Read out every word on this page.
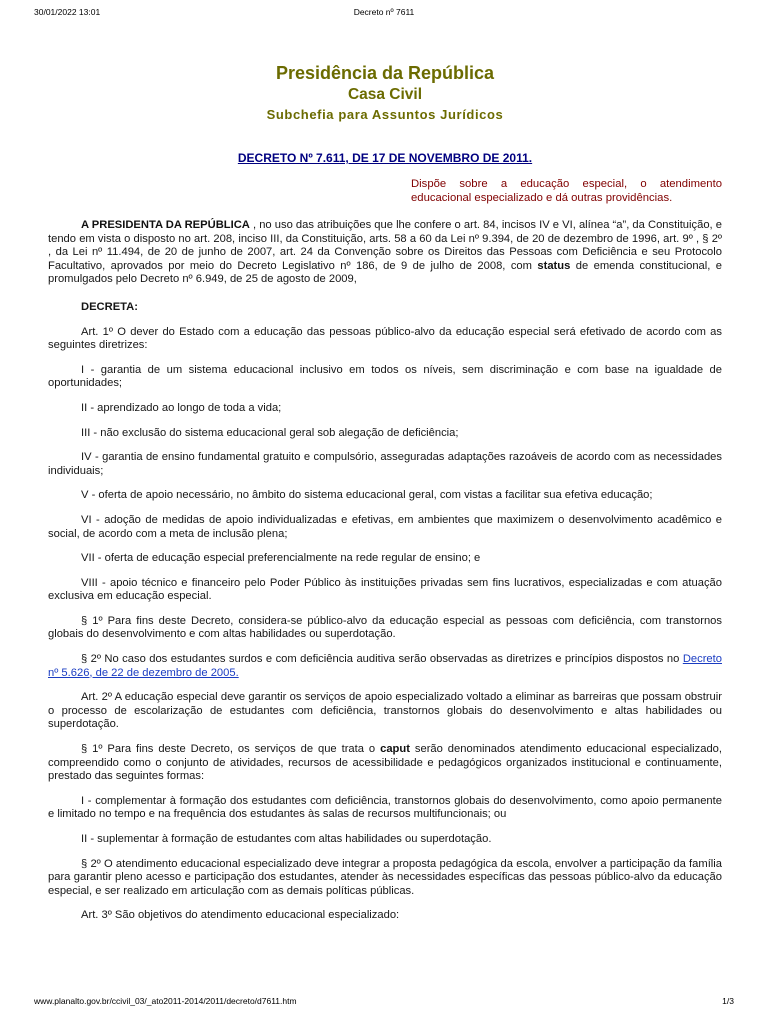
30/01/2022 13:01	Decreto nº 7611
Presidência da República
Casa Civil
Subchefia para Assuntos Jurídicos
DECRETO Nº 7.611, DE 17 DE NOVEMBRO DE 2011.
Dispõe sobre a educação especial, o atendimento educacional especializado e dá outras providências.

A PRESIDENTA DA REPÚBLICA , no uso das atribuições que lhe confere o art. 84, incisos IV e VI, alínea “a”, da Constituição, e tendo em vista o disposto no art. 208, inciso III, da Constituição, arts. 58 a 60 da Lei nº 9.394, de 20 de dezembro de 1996, art. 9º , § 2º , da Lei nº 11.494, de 20 de junho de 2007, art. 24 da Convenção sobre os Direitos das Pessoas com Deficiência e seu Protocolo Facultativo, aprovados por meio do Decreto Legislativo nº 186, de 9 de julho de 2008, com status de emenda constitucional, e promulgados pelo Decreto nº 6.949, de 25 de agosto de 2009,

DECRETA:

Art. 1º O dever do Estado com a educação das pessoas público-alvo da educação especial será efetivado de acordo com as seguintes diretrizes:

I - garantia de um sistema educacional inclusivo em todos os níveis, sem discriminação e com base na igualdade de oportunidades;

II - aprendizado ao longo de toda a vida;

III - não exclusão do sistema educacional geral sob alegação de deficiência;

IV - garantia de ensino fundamental gratuito e compulsório, asseguradas adaptações razoáveis de acordo com as necessidades individuais;

V - oferta de apoio necessário, no âmbito do sistema educacional geral, com vistas a facilitar sua efetiva educação;

VI - adoção de medidas de apoio individualizadas e efetivas, em ambientes que maximizem o desenvolvimento acadêmico e social, de acordo com a meta de inclusão plena;

VII - oferta de educação especial preferencialmente na rede regular de ensino; e

VIII - apoio técnico e financeiro pelo Poder Público às instituições privadas sem fins lucrativos, especializadas e com atuação exclusiva em educação especial.

§ 1º Para fins deste Decreto, considera-se público-alvo da educação especial as pessoas com deficiência, com transtornos globais do desenvolvimento e com altas habilidades ou superdotação.

§ 2º No caso dos estudantes surdos e com deficiência auditiva serão observadas as diretrizes e princípios dispostos no Decreto nº 5.626, de 22 de dezembro de 2005.

Art. 2º A educação especial deve garantir os serviços de apoio especializado voltado a eliminar as barreiras que possam obstruir o processo de escolarização de estudantes com deficiência, transtornos globais do desenvolvimento e altas habilidades ou superdotação.

§ 1º Para fins deste Decreto, os serviços de que trata o caput serão denominados atendimento educacional especializado, compreendido como o conjunto de atividades, recursos de acessibilidade e pedagógicos organizados institucional e continuamente, prestado das seguintes formas:

I - complementar à formação dos estudantes com deficiência, transtornos globais do desenvolvimento, como apoio permanente e limitado no tempo e na frequência dos estudantes às salas de recursos multifuncionais; ou

II - suplementar à formação de estudantes com altas habilidades ou superdotação.

§ 2º O atendimento educacional especializado deve integrar a proposta pedagógica da escola, envolver a participação da família para garantir pleno acesso e participação dos estudantes, atender às necessidades específicas das pessoas público-alvo da educação especial, e ser realizado em articulação com as demais políticas públicas.

Art. 3º São objetivos do atendimento educacional especializado:

www.planalto.gov.br/ccivil_03/_ato2011-2014/2011/decreto/d7611.htm	1/3
